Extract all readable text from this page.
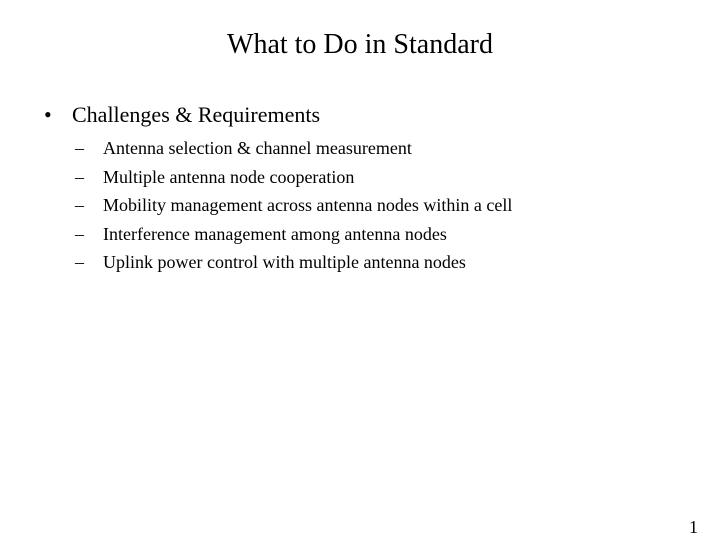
What to Do in Standard
• Challenges & Requirements
– Antenna selection & channel measurement
– Multiple antenna node cooperation
– Mobility management across antenna nodes within a cell
– Interference management among antenna nodes
– Uplink power control with multiple antenna nodes
1
